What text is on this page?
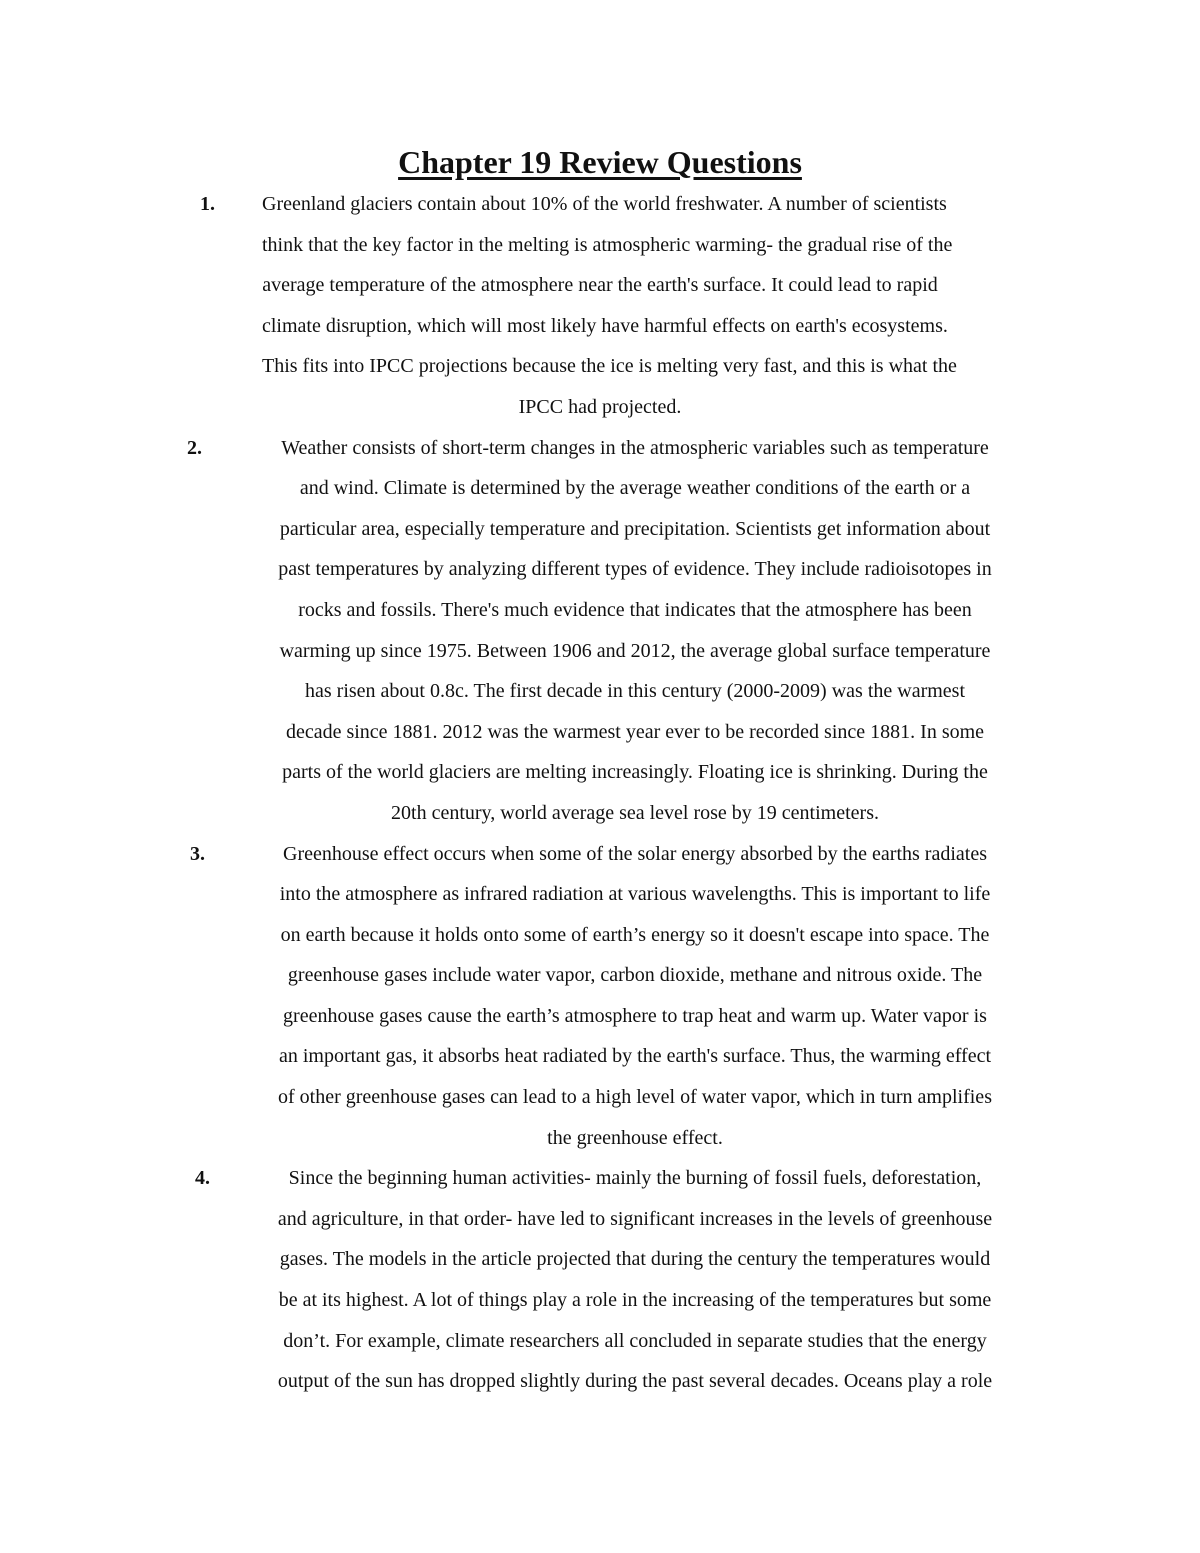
Chapter 19 Review Questions
1. Greenland glaciers contain about 10% of the world freshwater. A number of scientists
think that the key factor in the melting is atmospheric warming- the gradual rise of the
average temperature of the atmosphere near the earth's surface. It could lead to rapid
climate disruption, which will most likely have harmful effects on earth's ecosystems.
This fits into IPCC projections because the ice is melting very fast, and this is what the
IPCC had projected.
2.	Weather consists of short-term changes in the atmospheric variables such as temperature
and wind. Climate is determined by the average weather conditions of the earth or a
particular area, especially temperature and precipitation. Scientists get information about
past temperatures by analyzing different types of evidence. They include radioisotopes in
rocks and fossils. There's much evidence that indicates that the atmosphere has been
warming up since 1975. Between 1906 and 2012, the average global surface temperature
has risen about 0.8c. The first decade in this century (2000-2009) was the warmest
decade since 1881. 2012 was the warmest year ever to be recorded since 1881. In some
parts of the world glaciers are melting increasingly. Floating ice is shrinking. During the
20th century, world average sea level rose by 19 centimeters.
3.	Greenhouse effect occurs when some of the solar energy absorbed by the earths radiates
into the atmosphere as infrared radiation at various wavelengths. This is important to life
on earth because it holds onto some of earth’s energy so it doesn't escape into space. The
greenhouse gases include water vapor, carbon dioxide, methane and nitrous oxide. The
greenhouse gases cause the earth’s atmosphere to trap heat and warm up. Water vapor is
an important gas, it absorbs heat radiated by the earth's surface. Thus, the warming effect
of other greenhouse gases can lead to a high level of water vapor, which in turn amplifies
the greenhouse effect.
4.	Since the beginning human activities- mainly the burning of fossil fuels, deforestation,
and agriculture, in that order- have led to significant increases in the levels of greenhouse
gases. The models in the article projected that during the century the temperatures would
be at its highest. A lot of things play a role in the increasing of the temperatures but some
don’t. For example, climate researchers all concluded in separate studies that the energy
output of the sun has dropped slightly during the past several decades. Oceans play a role
